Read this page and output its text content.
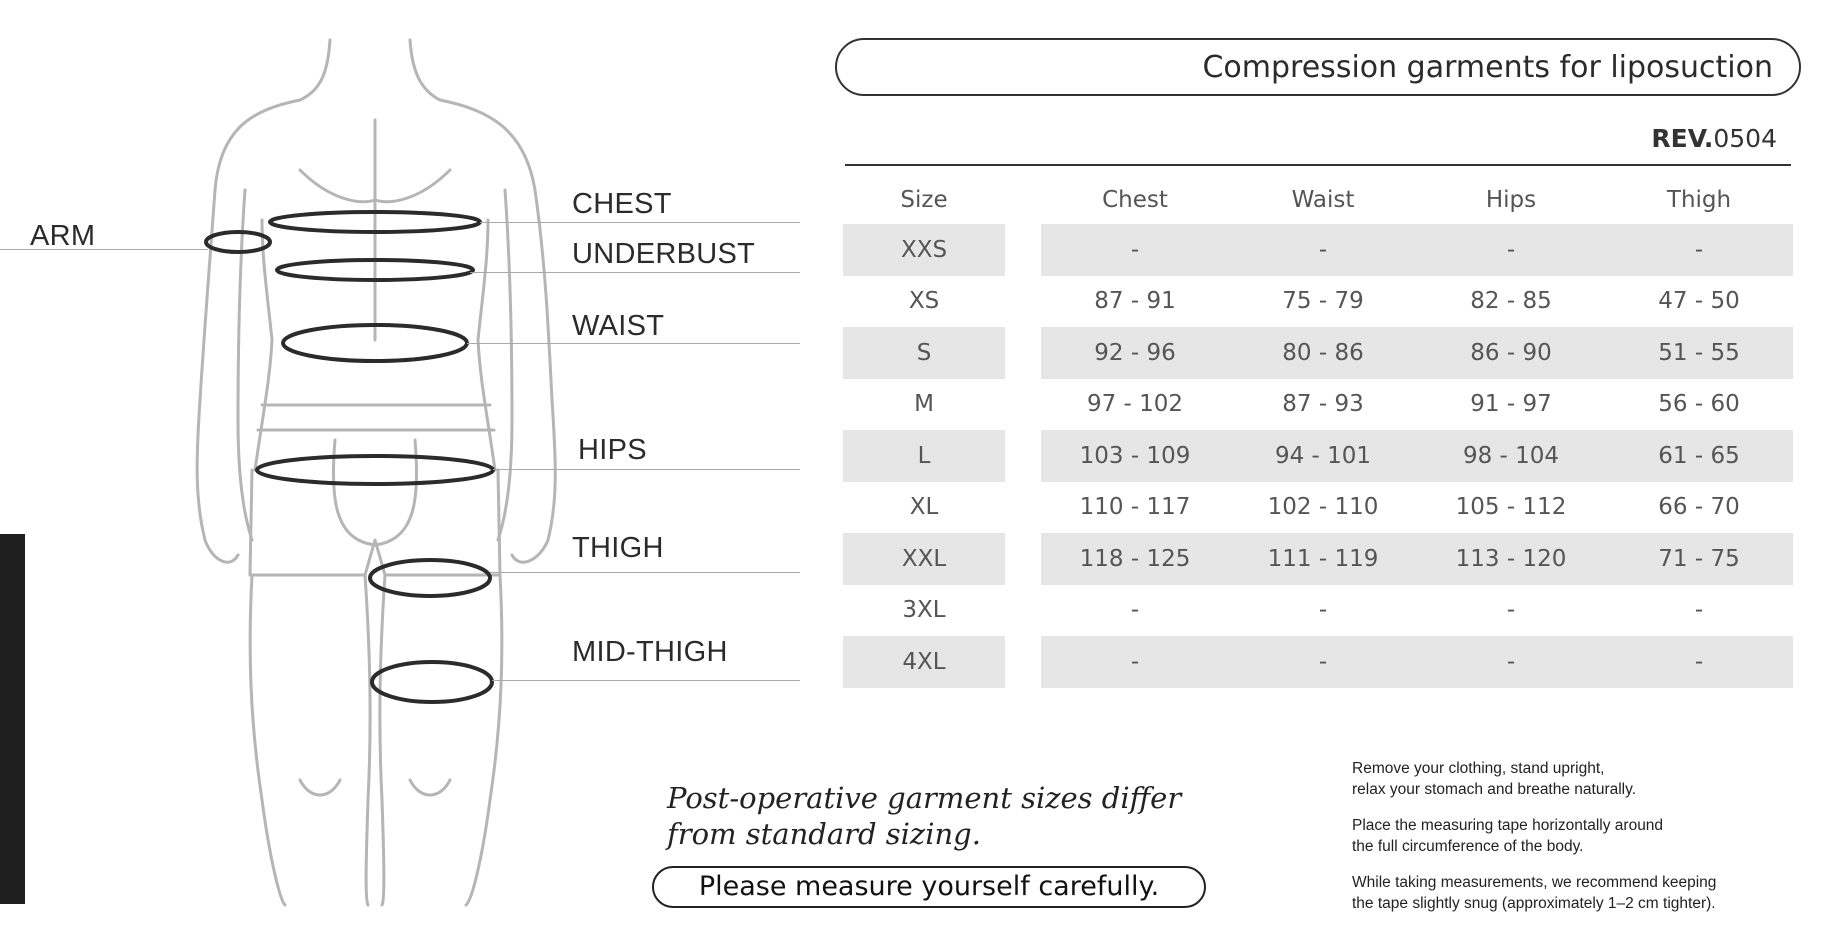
ARM
CHEST
UNDERBUST
WAIST
HIPS
THIGH
MID-THIGH
Compression garments for liposuction
REV.0504
Size		Chest	Waist	Hips	Thigh
XXS		-	-	-	-
XS		87 - 91	75 - 79	82 - 85	47 - 50
S		92 - 96	80 - 86	86 - 90	51 - 55
M		97 - 102	87 - 93	91 - 97	56 - 60
L		103 - 109	94 - 101	98 - 104	61 - 65
XL		110 - 117	102 - 110	105 - 112	66 - 70
XXL		118 - 125	111 - 119	113 - 120	71 - 75
3XL		-	-	-	-
4XL		-	-	-	-
Post-operative garment sizes differ
from standard sizing.
Please measure yourself carefully.

Remove your clothing, stand upright,
relax your stomach and breathe naturally.

Place the measuring tape horizontally around
the full circumference of the body.

While taking measurements, we recommend keeping
the tape slightly snug (approximately 1–2 cm tighter).
